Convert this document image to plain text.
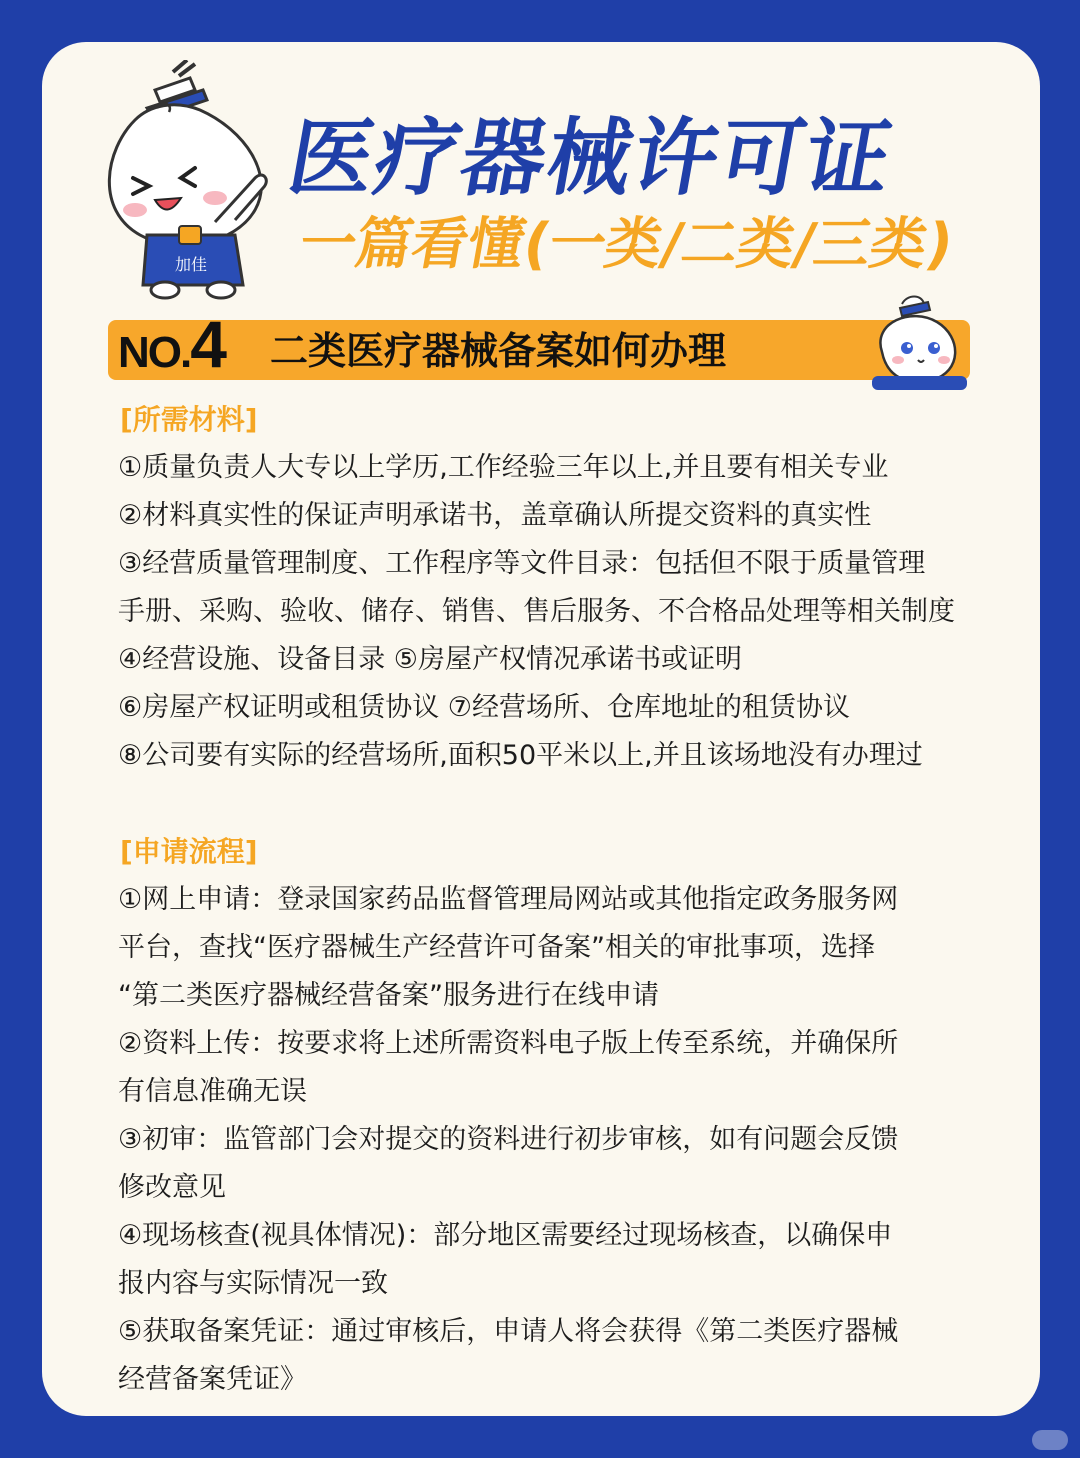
加佳
医疗器械许可证
一篇看懂(一类/二类/三类)
NO.4 二类医疗器械备案如何办理
[所需材料]
①质量负责人大专以上学历,工作经验三年以上,并且要有相关专业
②材料真实性的保证声明承诺书，盖章确认所提交资料的真实性
③经营质量管理制度、工作程序等文件目录：包括但不限于质量管理
手册、采购、验收、储存、销售、售后服务、不合格品处理等相关制度
④经营设施、设备目录 ⑤房屋产权情况承诺书或证明
⑥房屋产权证明或租赁协议 ⑦经营场所、仓库地址的租赁协议
⑧公司要有实际的经营场所,面积50平米以上,并且该场地没有办理过
[申请流程]
①网上申请：登录国家药品监督管理局网站或其他指定政务服务网
平台，查找“医疗器械生产经营许可备案”相关的审批事项，选择
“第二类医疗器械经营备案”服务进行在线申请
②资料上传：按要求将上述所需资料电子版上传至系统，并确保所
有信息准确无误
③初审：监管部门会对提交的资料进行初步审核，如有问题会反馈
修改意见
④现场核查(视具体情况)：部分地区需要经过现场核查，以确保申
报内容与实际情况一致
⑤获取备案凭证：通过审核后，申请人将会获得《第二类医疗器械
经营备案凭证》
